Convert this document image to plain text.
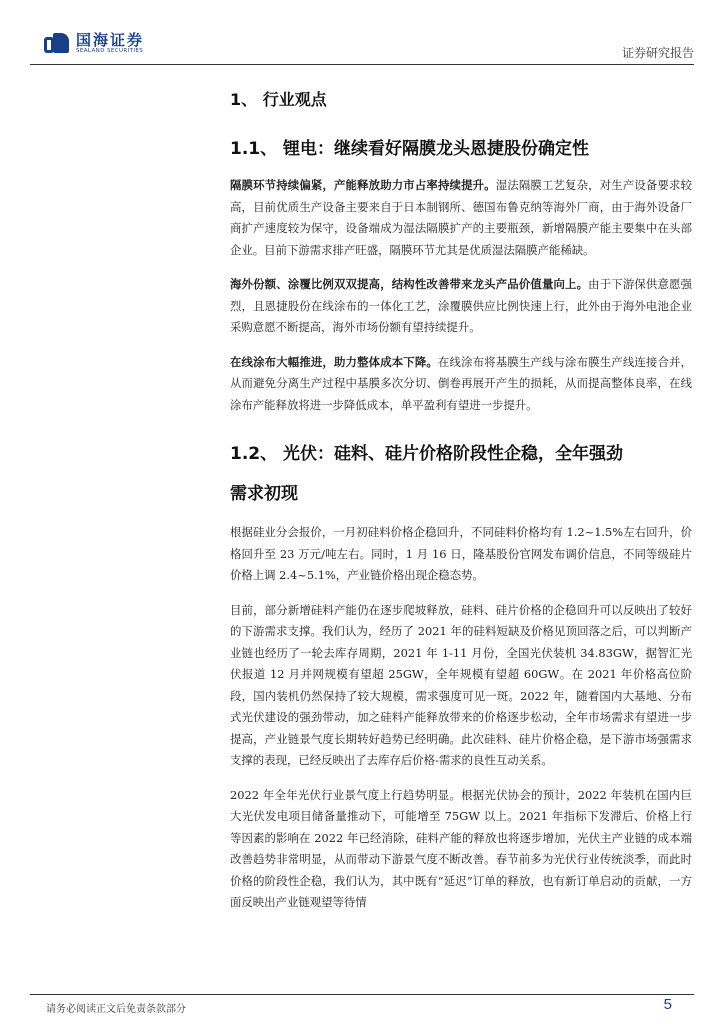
国海证券
SEALAND SECURITIES	证券研究报告
1、 行业观点
1.1、 锂电：继续看好隔膜龙头恩捷股份确定性

隔膜环节持续偏紧，产能释放助力市占率持续提升。湿法隔膜工艺复杂，对生产设备要求较高，目前优质生产设备主要来自于日本制钢所、德国布鲁克纳等海外厂商，由于海外设备厂商扩产速度较为保守，设备端成为湿法隔膜扩产的主要瓶颈，新增隔膜产能主要集中在头部企业。目前下游需求排产旺盛，隔膜环节尤其是优质湿法隔膜产能稀缺。

海外份额、涂覆比例双双提高，结构性改善带来龙头产品价值量向上。由于下游保供意愿强烈，且恩捷股份在线涂布的一体化工艺，涂覆膜供应比例快速上行，此外由于海外电池企业采购意愿不断提高，海外市场份额有望持续提升。

在线涂布大幅推进，助力整体成本下降。在线涂布将基膜生产线与涂布膜生产线连接合并，从而避免分离生产过程中基膜多次分切、倒卷再展开产生的损耗，从而提高整体良率，在线涂布产能释放将进一步降低成本，单平盈利有望进一步提升。

1.2、 光伏：硅料、硅片价格阶段性企稳，全年强劲
需求初现

根据硅业分会报价，一月初硅料价格企稳回升，不同硅料价格均有 1.2~1.5%左右回升，价格回升至 23 万元/吨左右。同时，1 月 16 日，隆基股份官网发布调价信息，不同等级硅片价格上调 2.4~5.1%，产业链价格出现企稳态势。

目前，部分新增硅料产能仍在逐步爬坡释放，硅料、硅片价格的企稳回升可以反映出了较好的下游需求支撑。我们认为，经历了 2021 年的硅料短缺及价格见顶回落之后，可以判断产业链也经历了一轮去库存周期，2021 年 1-11 月份，全国光伏装机 34.83GW，据智汇光伏报道 12 月并网规模有望超 25GW，全年规模有望超 60GW。在 2021 年价格高位阶段，国内装机仍然保持了较大规模，需求强度可见一斑。2022 年，随着国内大基地、分布式光伏建设的强劲带动，加之硅料产能释放带来的价格逐步松动，全年市场需求有望进一步提高，产业链景气度长期转好趋势已经明确。此次硅料、硅片价格企稳，是下游市场强需求支撑的表现，已经反映出了去库存后价格-需求的良性互动关系。

2022 年全年光伏行业景气度上行趋势明显。根据光伏协会的预计，2022 年装机在国内巨大光伏发电项目储备量推动下，可能增至 75GW 以上。2021 年指标下发滞后、价格上行等因素的影响在 2022 年已经消除，硅料产能的释放也将逐步增加，光伏主产业链的成本端改善趋势非常明显，从而带动下游景气度不断改善。春节前多为光伏行业传统淡季，而此时价格的阶段性企稳，我们认为，其中既有“延迟”订单的释放，也有新订单启动的贡献，一方面反映出产业链观望等待情

请务必阅读正文后免责条款部分	5
